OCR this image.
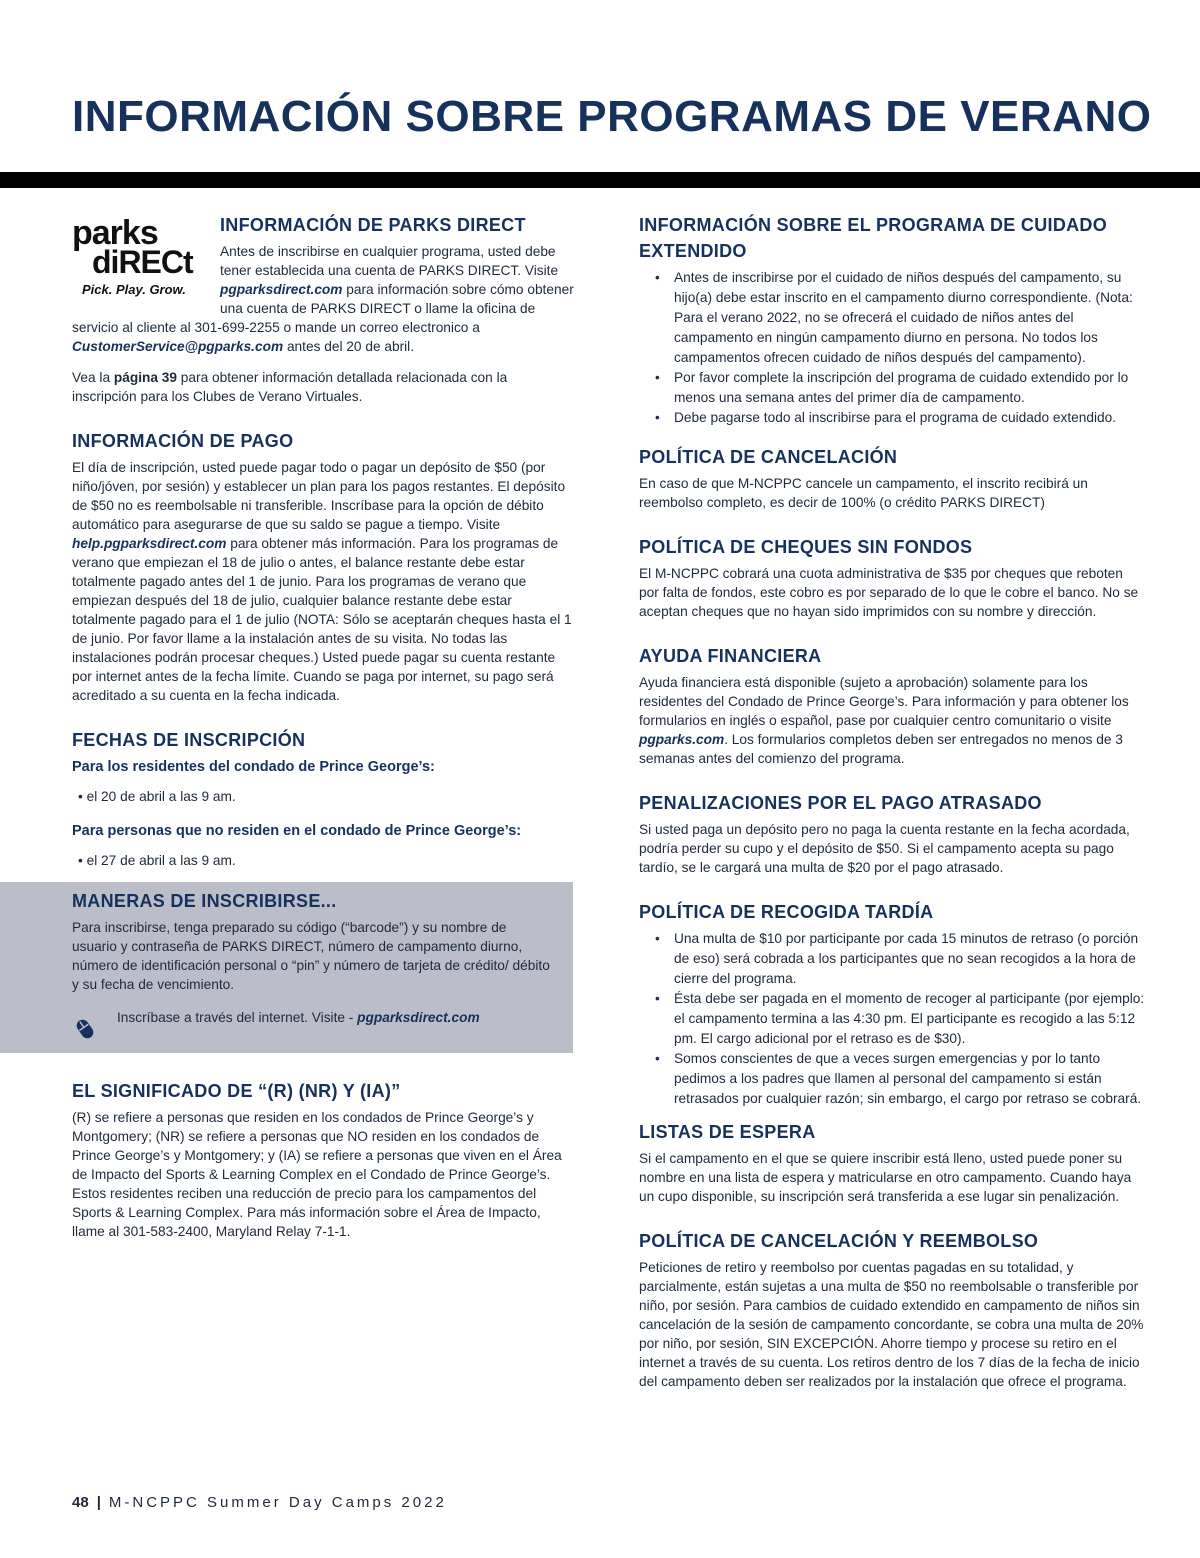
INFORMACIÓN SOBRE PROGRAMAS DE VERANO
parks
diRECt
Pick. Play. Grow.
INFORMACIÓN DE PARKS DIRECT

Antes de inscribirse en cualquier programa, usted debe tener establecida una cuenta de PARKS DIRECT. Visite pgparksdirect.com para información sobre cómo obtener una cuenta de PARKS DIRECT o llame la oficina de servicio al cliente al 301-699-2255 o mande un correo electronico a CustomerService@pgparks.com antes del 20 de abril.

Vea la página 39 para obtener información detallada relacionada con la inscripción para los Clubes de Verano Virtuales.

INFORMACIÓN DE PAGO

El día de inscripción, usted puede pagar todo o pagar un depósito de $50 (por niño/jóven, por sesión) y establecer un plan para los pagos restantes. El depósito de $50 no es reembolsable ni transferible. Inscríbase para la opción de débito automático para asegurarse de que su saldo se pague a tiempo. Visite help.pgparksdirect.com para obtener más información. Para los programas de verano que empiezan el 18 de julio o antes, el balance restante debe estar totalmente pagado antes del 1 de junio. Para los programas de verano que empiezan después del 18 de julio, cualquier balance restante debe estar totalmente pagado para el 1 de julio (NOTA: Sólo se aceptarán cheques hasta el 1 de junio. Por favor llame a la instalación antes de su visita. No todas las instalaciones podrán procesar cheques.) Usted puede pagar su cuenta restante por internet antes de la fecha límite. Cuando se paga por internet, su pago será acreditado a su cuenta en la fecha indicada.

FECHAS DE INSCRIPCIÓN
Para los residentes del condado de Prince George’s:
• el 20 de abril a las 9 am.
Para personas que no residen en el condado de Prince George’s:
• el 27 de abril a las 9 am.
MANERAS DE INSCRIBIRSE...

Para inscribirse, tenga preparado su código (“barcode”) y su nombre de usuario y contraseña de PARKS DIRECT, número de campamento diurno, número de identificación personal o “pin” y número de tarjeta de crédito/ débito y su fecha de vencimiento.

Inscríbase a través del internet. Visite - pgparksdirect.com
EL SIGNIFICADO DE “(R) (NR) Y (IA)”

(R) se refiere a personas que residen en los condados de Prince George’s y Montgomery; (NR) se refiere a personas que NO residen en los condados de Prince George’s y Montgomery; y (IA) se refiere a personas que viven en el Área de Impacto del Sports & Learning Complex en el Condado de Prince George’s. Estos residentes reciben una reducción de precio para los campamentos del Sports & Learning Complex. Para más información sobre el Área de Impacto, llame al 301-583-2400, Maryland Relay 7-1-1.

INFORMACIÓN SOBRE EL PROGRAMA DE CUIDADO EXTENDIDO
• Antes de inscribirse por el cuidado de niños después del campamento, su hijo(a) debe estar inscrito en el campamento diurno correspondiente. (Nota: Para el verano 2022, no se ofrecerá el cuidado de niños antes del campamento en ningún campamento diurno en persona. No todos los campamentos ofrecen cuidado de niños después del campamento).
• Por favor complete la inscripción del programa de cuidado extendido por lo menos una semana antes del primer día de campamento.
• Debe pagarse todo al inscribirse para el programa de cuidado extendido.
POLÍTICA DE CANCELACIÓN

En caso de que M-NCPPC cancele un campamento, el inscrito recibirá un reembolso completo, es decir de 100% (o crédito PARKS DIRECT)

POLÍTICA DE CHEQUES SIN FONDOS

El M-NCPPC cobrará una cuota administrativa de $35 por cheques que reboten por falta de fondos, este cobro es por separado de lo que le cobre el banco. No se aceptan cheques que no hayan sido imprimidos con su nombre y dirección.

AYUDA FINANCIERA

Ayuda financiera está disponible (sujeto a aprobación) solamente para los residentes del Condado de Prince George’s. Para información y para obtener los formularios en inglés o español, pase por cualquier centro comunitario o visite pgparks.com. Los formularios completos deben ser entregados no menos de 3 semanas antes del comienzo del programa.

PENALIZACIONES POR EL PAGO ATRASADO

Si usted paga un depósito pero no paga la cuenta restante en la fecha acordada, podría perder su cupo y el depósito de $50. Si el campamento acepta su pago tardío, se le cargará una multa de $20 por el pago atrasado.

POLÍTICA DE RECOGIDA TARDÍA
• Una multa de $10 por participante por cada 15 minutos de retraso (o porción de eso) será cobrada a los participantes que no sean recogidos a la hora de cierre del programa.
• Ésta debe ser pagada en el momento de recoger al participante (por ejemplo: el campamento termina a las 4:30 pm. El participante es recogido a las 5:12 pm. El cargo adicional por el retraso es de $30).
• Somos conscientes de que a veces surgen emergencias y por lo tanto pedimos a los padres que llamen al personal del campamento si están retrasados por cualquier razón; sin embargo, el cargo por retraso se cobrará.
LISTAS DE ESPERA

Si el campamento en el que se quiere inscribir está lleno, usted puede poner su nombre en una lista de espera y matricularse en otro campamento. Cuando haya un cupo disponible, su inscripción será transferida a ese lugar sin penalización.

POLÍTICA DE CANCELACIÓN Y REEMBOLSO

Peticiones de retiro y reembolso por cuentas pagadas en su totalidad, y parcialmente, están sujetas a una multa de $50 no reembolsable o transferible por niño, por sesión. Para cambios de cuidado extendido en campamento de niños sin cancelación de la sesión de campamento concordante, se cobra una multa de 20% por niño, por sesión, SIN EXCEPCIÓN. Ahorre tiempo y procese su retiro en el internet a través de su cuenta. Los retiros dentro de los 7 días de la fecha de inicio del campamento deben ser realizados por la instalación que ofrece el programa.

48 | M-NCPPC Summer Day Camps 2022
